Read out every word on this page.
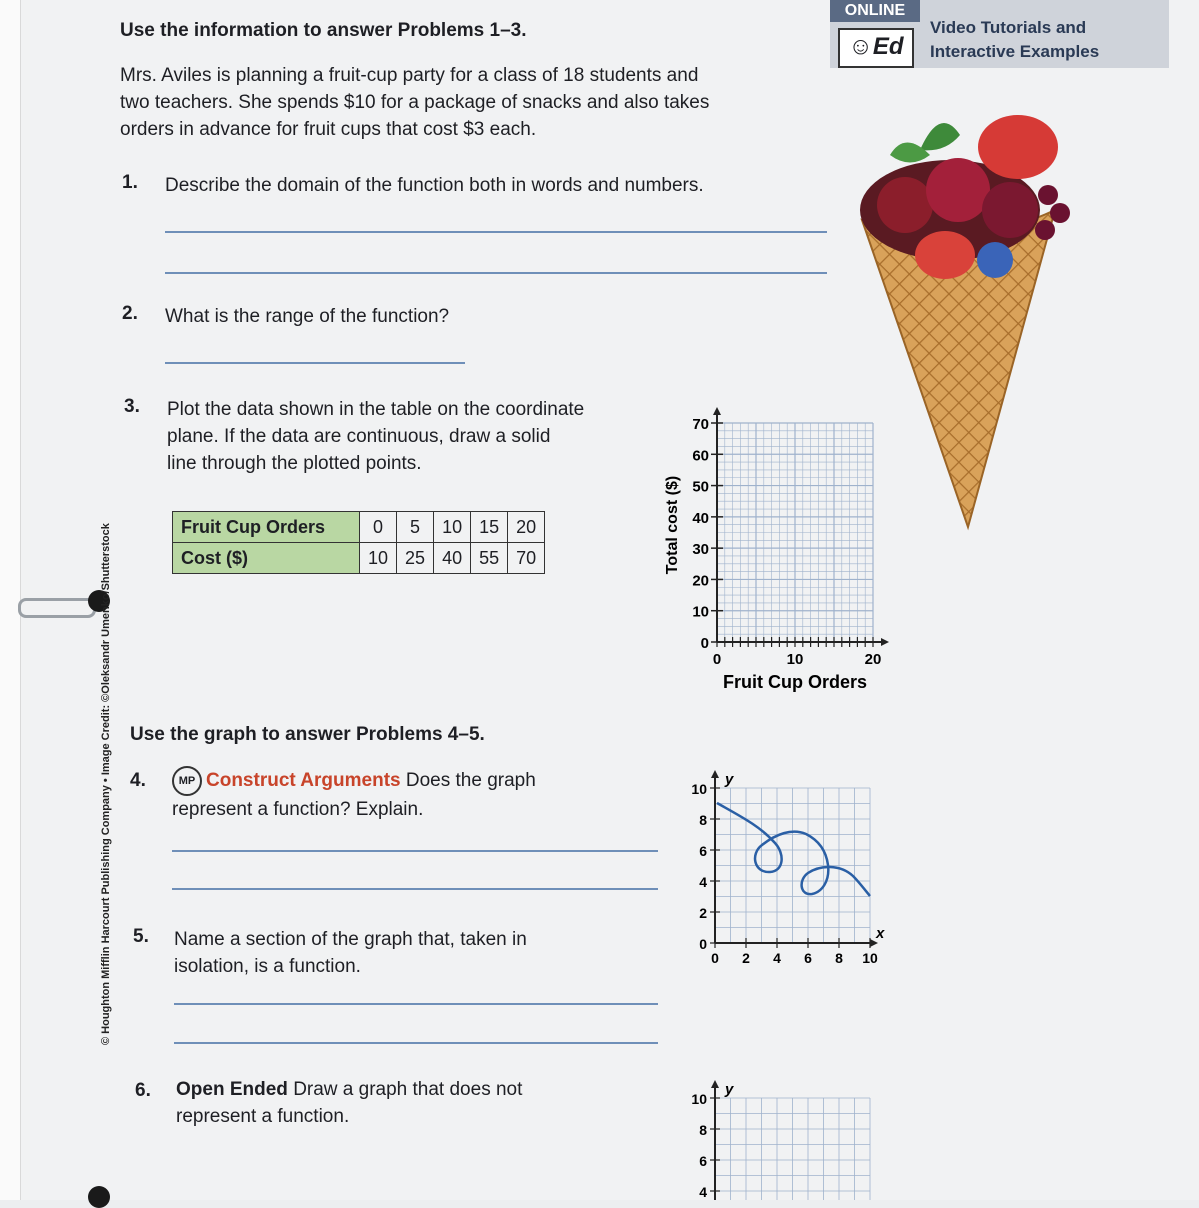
© Houghton Mifflin Harcourt Publishing Company • Image Credit: ©Oleksandr Umenko/Shutterstock
ONLINE
☺Ed
Video Tutorials and
Interactive Examples
Use the information to answer Problems 1–3.
Mrs. Aviles is planning a fruit-cup party for a class of 18 students and
two teachers. She spends $10 for a package of snacks and also takes
orders in advance for fruit cups that cost $3 each.
1. Describe the domain of the function both in words and numbers.
2. What is the range of the function?
3. Plot the data shown in the table on the coordinate
plane. If the data are continuous, draw a solid
line through the plotted points.
Fruit Cup Orders	0	5	10	15	20
Cost ($)	10	25	40	55	70
70
60
50
40
30
20
10
0
0	10	20
Total cost ($)
Fruit Cup Orders
Use the graph to answer Problems 4–5.
4.	MP Construct Arguments Does the graph
represent a function? Explain.
5. Name a section of the graph that, taken in
isolation, is a function.
10
8
6
4
2
0
0 2 4 6 8 10
y
x
6. Open Ended Draw a graph that does not
represent a function.
10
8
6
4
y
